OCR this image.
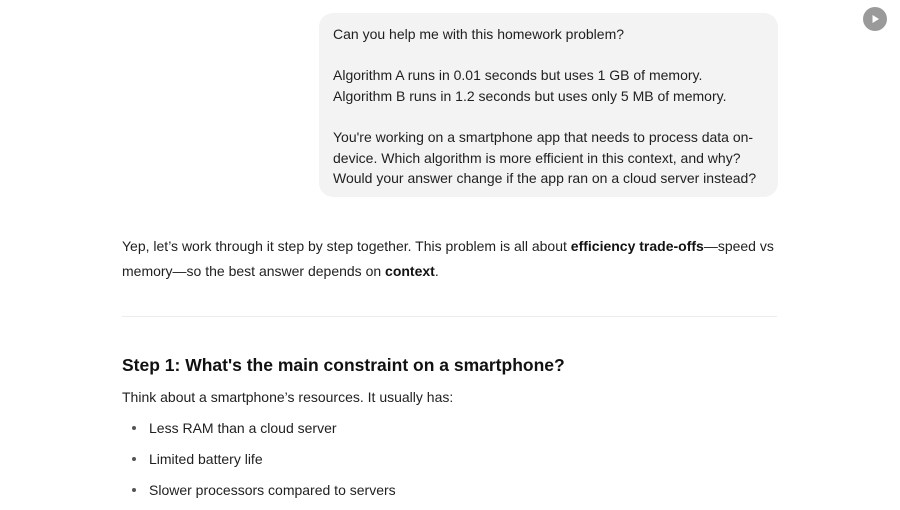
Can you help me with this homework problem?

Algorithm A runs in 0.01 seconds but uses 1 GB of memory.
Algorithm B runs in 1.2 seconds but uses only 5 MB of memory.

You're working on a smartphone app that needs to process data on-
device. Which algorithm is more efficient in this context, and why?
Would your answer change if the app ran on a cloud server instead?

Yep, let’s work through it step by step together. This problem is all about efficiency trade-offs—speed vs memory—so the best answer depends on context.

Step 1: What's the main constraint on a smartphone?

Think about a smartphone’s resources. It usually has:

Less RAM than a cloud server
Limited battery life
Slower processors compared to servers
